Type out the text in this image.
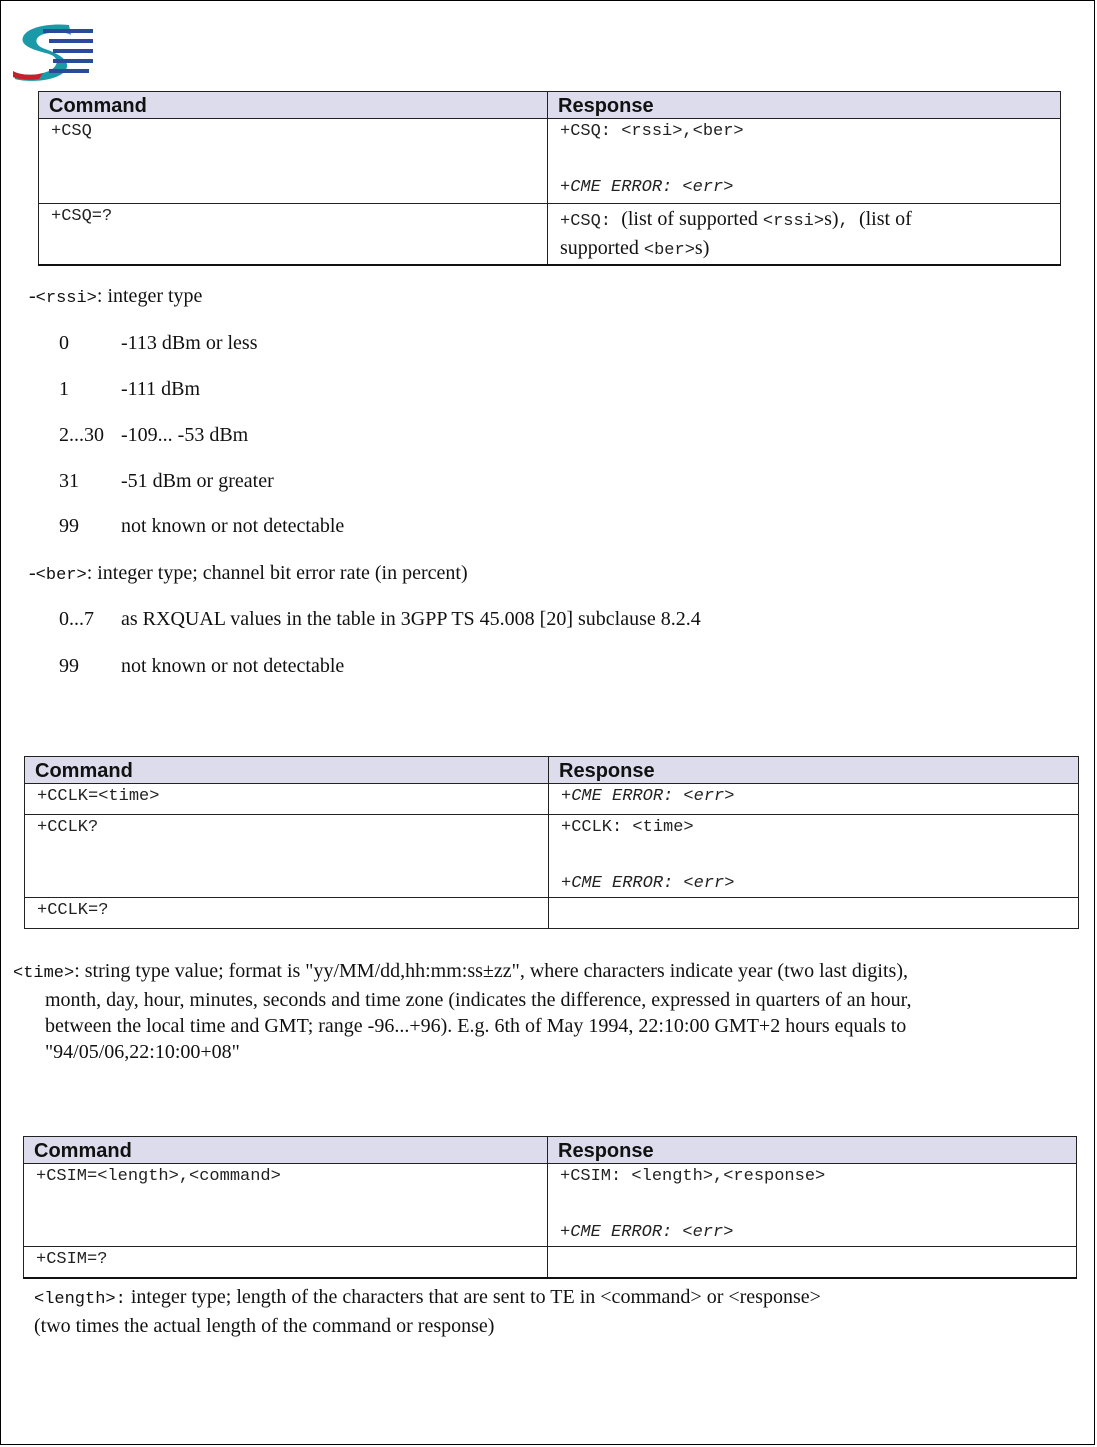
Command	Response
+CSQ	+CSQ: <rssi>,<ber>
+CME ERROR: <err>
+CSQ=?	+CSQ: (list of supported <rssi>s), (list of
supported <ber>s)
-<rssi>: integer type
0	-113 dBm or less
1	-111 dBm
2...30 -109... -53 dBm
31 -51 dBm or greater
99 not known or not detectable
-<ber>: integer type; channel bit error rate (in percent)
0...7 as RXQUAL values in the table in 3GPP TS 45.008 [20] subclause 8.2.4
99 not known or not detectable
Command	Response
+CCLK=<time>	+CME ERROR: <err>
+CCLK?	+CCLK: <time>
+CME ERROR: <err>
+CCLK=?	
<time>: string type value; format is "yy/MM/dd,hh:mm:ss±zz", where characters indicate year (two last digits),
month, day, hour, minutes, seconds and time zone (indicates the difference, expressed in quarters of an hour,
between the local time and GMT; range -96...+96). E.g. 6th of May 1994, 22:10:00 GMT+2 hours equals to
"94/05/06,22:10:00+08"
Command	Response
+CSIM=<length>,<command>	+CSIM: <length>,<response>
+CME ERROR: <err>
+CSIM=?	
<length>: integer type; length of the characters that are sent to TE in <command> or <response>
(two times the actual length of the command or response)
